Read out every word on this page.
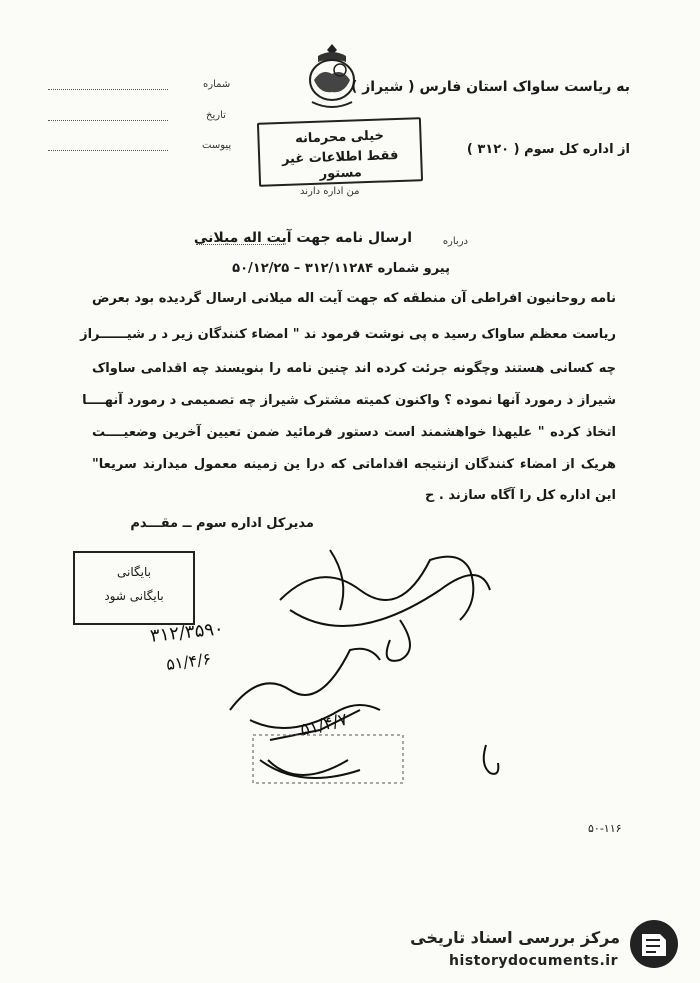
شماره
تاریخ
پیوست
به ریاست ساواک استان فارس ( شیراز )
از اداره کل سوم ( ۳۱۲۰ )
خیلی محرمانه
فقط اطلاعات غیر مستور
من اداره دارند
درباره
ارسال نامه جهت آیت اله میلانی
پیرو شماره ۳۱۲/۱۱۲۸۴ – ۵۰/۱۲/۲۵
نامه روحانیون افراطی آن منطقه که جهت آیت اله میلانی ارسال گردیده بود بعرض
ریاست معظم ساواک رسید ه پی نوشت فرمود ند " امضاء کنندگان زیر د ر شیــــــراز
چه کسانی هستند وچگونه جرئت کرده اند چنین نامه را بنویسند چه اقدامی ساواک
شیراز د رمورد آنها نموده ؟ واکنون کمیته مشترک شیراز چه تصمیمی د رمورد آنهــــا
اتخاذ کرده " علیهذا خواهشمند است دستور فرمائید ضمن تعیین آخرین وضعیــــت
هریک از امضاء کنندگان ازنتیجه اقداماتی که درا ین زمینه معمول میدارند سریعا"
این اداره کل را آگاه سازند . ح
مدیرکل اداره سوم ــ مقـــدم
بایگانی
بایگانی شود
۳۱۲/۳۵۹۰
۵۱/۴/۶
۵۱/۴/۷
۵۰-۱۱۶
مرکز بررسی اسناد تاریخی
historydocuments.ir
